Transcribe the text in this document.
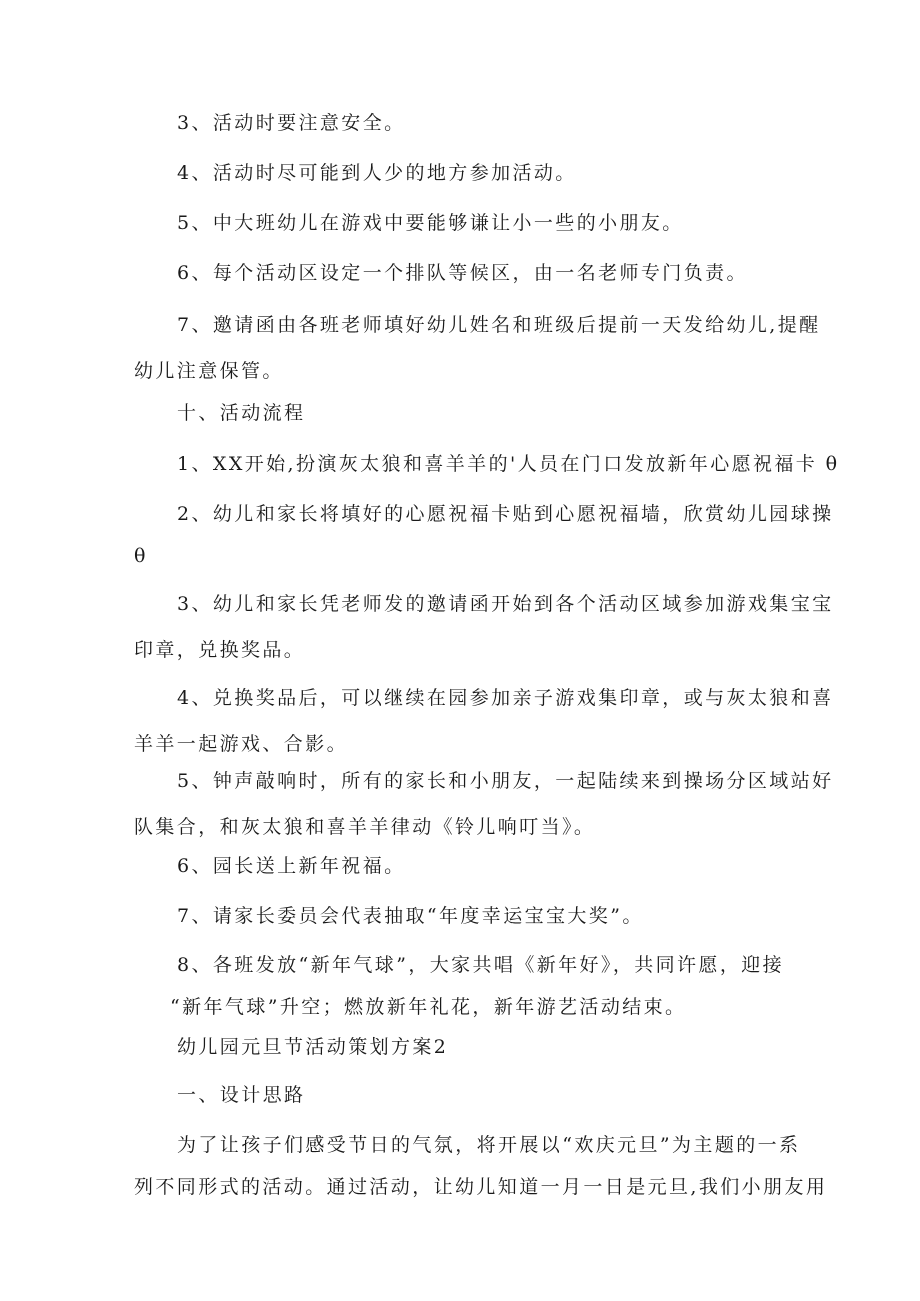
3、活动时要注意安全。

4、活动时尽可能到人少的地方参加活动。

5、中大班幼儿在游戏中要能够谦让小一些的小朋友。

6、每个活动区设定一个排队等候区，由一名老师专门负责。

7、邀请函由各班老师填好幼儿姓名和班级后提前一天发给幼儿,提醒
幼儿注意保管。

十、活动流程

1、XX开始,扮演灰太狼和喜羊羊的'人员在门口发放新年心愿祝福卡 θ

2、幼儿和家长将填好的心愿祝福卡贴到心愿祝福墙，欣赏幼儿园球操
θ

3、幼儿和家长凭老师发的邀请函开始到各个活动区域参加游戏集宝宝
印章，兑换奖品。

4、兑换奖品后，可以继续在园参加亲子游戏集印章，或与灰太狼和喜
羊羊一起游戏、合影。

5、钟声敲响时，所有的家长和小朋友，一起陆续来到操场分区域站好
队集合，和灰太狼和喜羊羊律动《铃儿响叮当》。

6、园长送上新年祝福。

7、请家长委员会代表抽取“年度幸运宝宝大奖”。

8、各班发放“新年气球”，大家共唱《新年好》，共同许愿，迎接
“新年气球”升空；燃放新年礼花，新年游艺活动结束。

幼儿园元旦节活动策划方案2

一、设计思路

为了让孩子们感受节日的气氛，将开展以“欢庆元旦”为主题的一系
列不同形式的活动。通过活动，让幼儿知道一月一日是元旦,我们小朋友用
